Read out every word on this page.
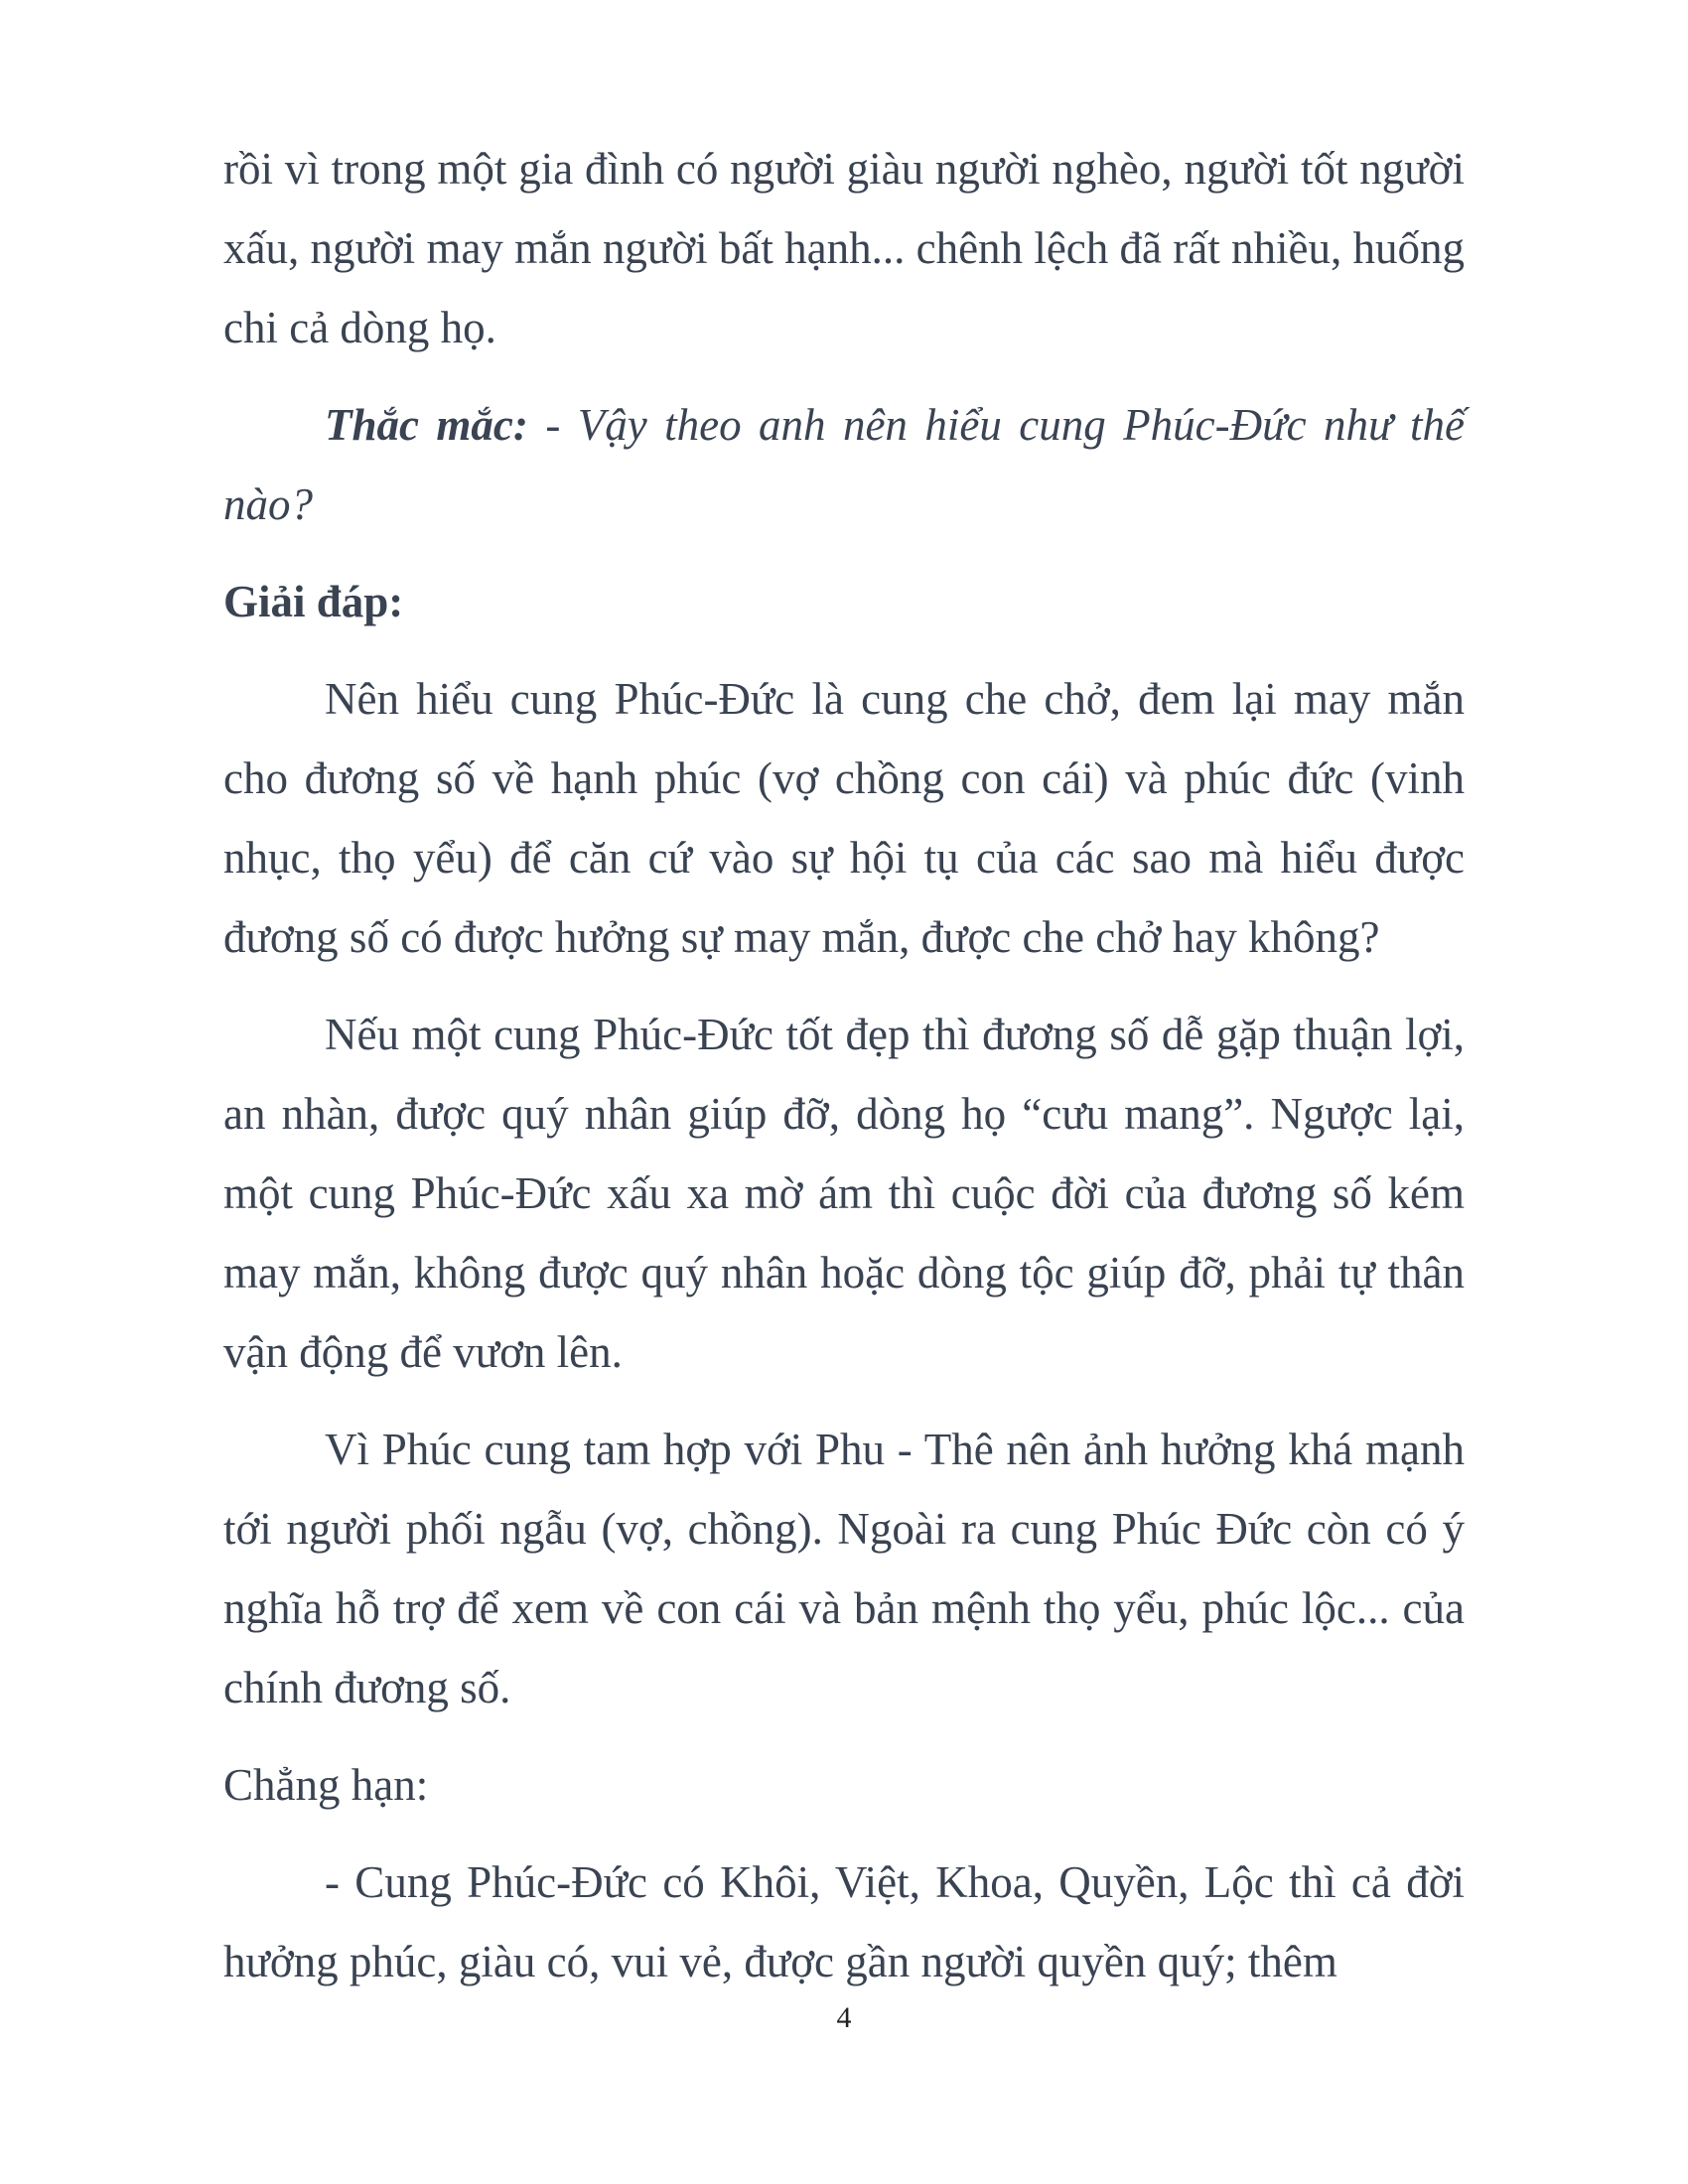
rồi vì trong một gia đình có người giàu người nghèo, người tốt người xấu, người may mắn người bất hạnh... chênh lệch đã rất nhiều, huống chi cả dòng họ.

Thắc mắc: - Vậy theo anh nên hiểu cung Phúc-Đức như thế nào?

Giải đáp:

Nên hiểu cung Phúc-Đức là cung che chở, đem lại may mắn cho đương số về hạnh phúc (vợ chồng con cái) và phúc đức (vinh nhục, thọ yểu) để căn cứ vào sự hội tụ của các sao mà hiểu được đương số có được hưởng sự may mắn, được che chở hay không?

Nếu một cung Phúc-Đức tốt đẹp thì đương số dễ gặp thuận lợi, an nhàn, được quý nhân giúp đỡ, dòng họ “cưu mang”. Ngược lại, một cung Phúc-Đức xấu xa mờ ám thì cuộc đời của đương số kém may mắn, không được quý nhân hoặc dòng tộc giúp đỡ, phải tự thân vận động để vươn lên.

Vì Phúc cung tam hợp với Phu - Thê nên ảnh hưởng khá mạnh tới người phối ngẫu (vợ, chồng). Ngoài ra cung Phúc Đức còn có ý nghĩa hỗ trợ để xem về con cái và bản mệnh thọ yểu, phúc lộc... của chính đương số.

Chẳng hạn:

- Cung Phúc-Đức có Khôi, Việt, Khoa, Quyền, Lộc thì cả đời hưởng phúc, giàu có, vui vẻ, được gần người quyền quý; thêm

4
